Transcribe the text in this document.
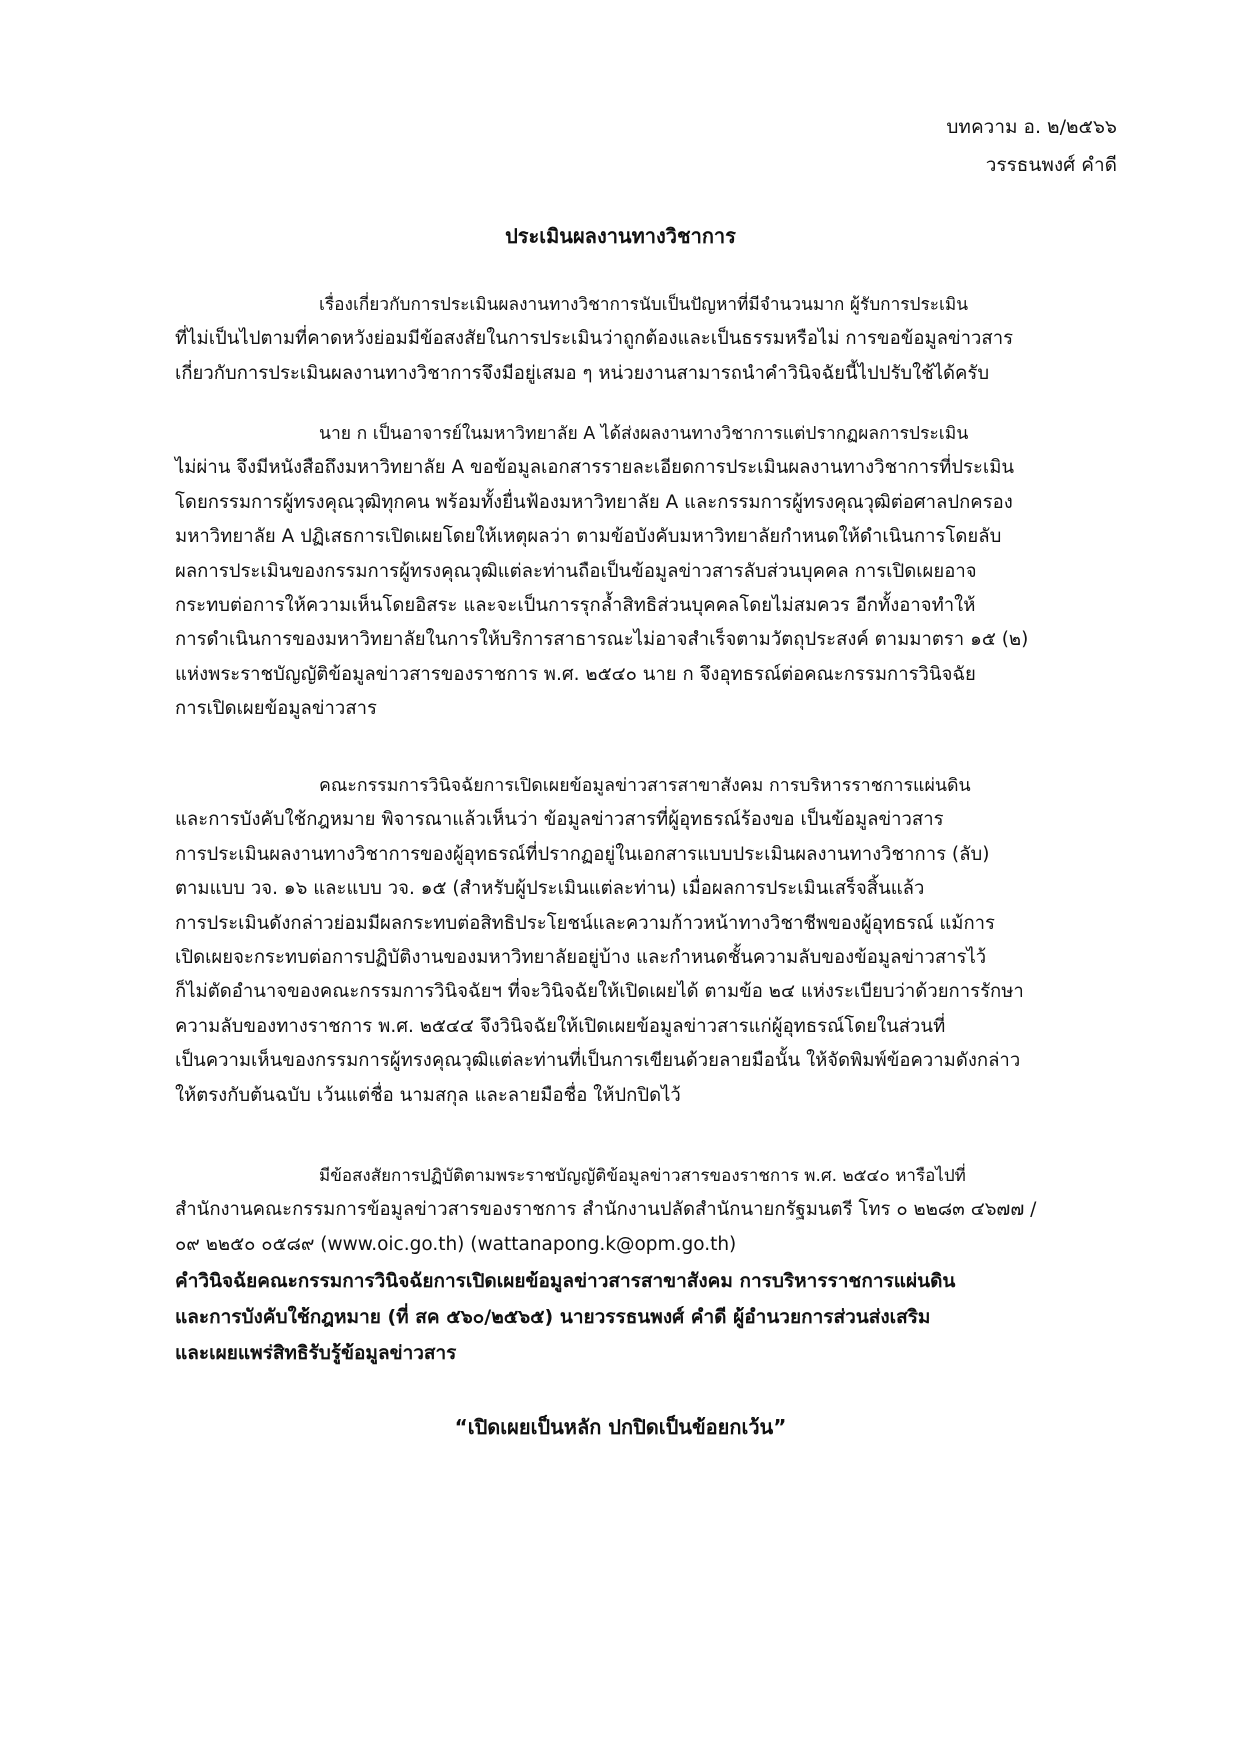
บทความ อ. ๒/๒๕๖๖
วรรธนพงศ์ คำดี
ประเมินผลงานทางวิชาการ
เรื่องเกี่ยวกับการประเมินผลงานทางวิชาการนับเป็นปัญหาที่มีจำนวนมาก ผู้รับการประเมิน
ที่ไม่เป็นไปตามที่คาดหวังย่อมมีข้อสงสัยในการประเมินว่าถูกต้องและเป็นธรรมหรือไม่ การขอข้อมูลข่าวสาร
เกี่ยวกับการประเมินผลงานทางวิชาการจึงมีอยู่เสมอ ๆ หน่วยงานสามารถนำคำวินิจฉัยนี้ไปปรับใช้ได้ครับ
นาย ก เป็นอาจารย์ในมหาวิทยาลัย A ได้ส่งผลงานทางวิชาการแต่ปรากฏผลการประเมิน
ไม่ผ่าน จึงมีหนังสือถึงมหาวิทยาลัย A ขอข้อมูลเอกสารรายละเอียดการประเมินผลงานทางวิชาการที่ประเมิน
โดยกรรมการผู้ทรงคุณวุฒิทุกคน พร้อมทั้งยื่นฟ้องมหาวิทยาลัย A และกรรมการผู้ทรงคุณวุฒิต่อศาลปกครอง
มหาวิทยาลัย A ปฏิเสธการเปิดเผยโดยให้เหตุผลว่า ตามข้อบังคับมหาวิทยาลัยกำหนดให้ดำเนินการโดยลับ
ผลการประเมินของกรรมการผู้ทรงคุณวุฒิแต่ละท่านถือเป็นข้อมูลข่าวสารลับส่วนบุคคล การเปิดเผยอาจ
กระทบต่อการให้ความเห็นโดยอิสระ และจะเป็นการรุกล้ำสิทธิส่วนบุคคลโดยไม่สมควร อีกทั้งอาจทำให้
การดำเนินการของมหาวิทยาลัยในการให้บริการสาธารณะไม่อาจสำเร็จตามวัตถุประสงค์ ตามมาตรา ๑๕ (๒)
แห่งพระราชบัญญัติข้อมูลข่าวสารของราชการ พ.ศ. ๒๕๔๐ นาย ก จึงอุทธรณ์ต่อคณะกรรมการวินิจฉัย
การเปิดเผยข้อมูลข่าวสาร
คณะกรรมการวินิจฉัยการเปิดเผยข้อมูลข่าวสารสาขาสังคม การบริหารราชการแผ่นดิน
และการบังคับใช้กฎหมาย พิจารณาแล้วเห็นว่า ข้อมูลข่าวสารที่ผู้อุทธรณ์ร้องขอ เป็นข้อมูลข่าวสาร
การประเมินผลงานทางวิชาการของผู้อุทธรณ์ที่ปรากฏอยู่ในเอกสารแบบประเมินผลงานทางวิชาการ (ลับ)
ตามแบบ วจ. ๑๖ และแบบ วจ. ๑๕ (สำหรับผู้ประเมินแต่ละท่าน) เมื่อผลการประเมินเสร็จสิ้นแล้ว
การประเมินดังกล่าวย่อมมีผลกระทบต่อสิทธิประโยชน์และความก้าวหน้าทางวิชาชีพของผู้อุทธรณ์ แม้การ
เปิดเผยจะกระทบต่อการปฏิบัติงานของมหาวิทยาลัยอยู่บ้าง และกำหนดชั้นความลับของข้อมูลข่าวสารไว้
ก็ไม่ตัดอำนาจของคณะกรรมการวินิจฉัยฯ ที่จะวินิจฉัยให้เปิดเผยได้ ตามข้อ ๒๔ แห่งระเบียบว่าด้วยการรักษา
ความลับของทางราชการ พ.ศ. ๒๕๔๔ จึงวินิจฉัยให้เปิดเผยข้อมูลข่าวสารแก่ผู้อุทธรณ์โดยในส่วนที่
เป็นความเห็นของกรรมการผู้ทรงคุณวุฒิแต่ละท่านที่เป็นการเขียนด้วยลายมือนั้น ให้จัดพิมพ์ข้อความดังกล่าว
ให้ตรงกับต้นฉบับ เว้นแต่ชื่อ นามสกุล และลายมือชื่อ ให้ปกปิดไว้
มีข้อสงสัยการปฏิบัติตามพระราชบัญญัติข้อมูลข่าวสารของราชการ พ.ศ. ๒๕๔๐ หารือไปที่
สำนักงานคณะกรรมการข้อมูลข่าวสารของราชการ สำนักงานปลัดสำนักนายกรัฐมนตรี โทร ๐ ๒๒๘๓ ๔๖๗๗ /
๐๙ ๒๒๕๐ ๐๕๘๙ (www.oic.go.th) (wattanapong.k@opm.go.th)
คำวินิจฉัยคณะกรรมการวินิจฉัยการเปิดเผยข้อมูลข่าวสารสาขาสังคม การบริหารราชการแผ่นดิน
และการบังคับใช้กฎหมาย (ที่ สค ๕๖๐/๒๕๖๕) นายวรรธนพงศ์ คำดี ผู้อำนวยการส่วนส่งเสริม
และเผยแพร่สิทธิรับรู้ข้อมูลข่าวสาร
“เปิดเผยเป็นหลัก ปกปิดเป็นข้อยกเว้น”
